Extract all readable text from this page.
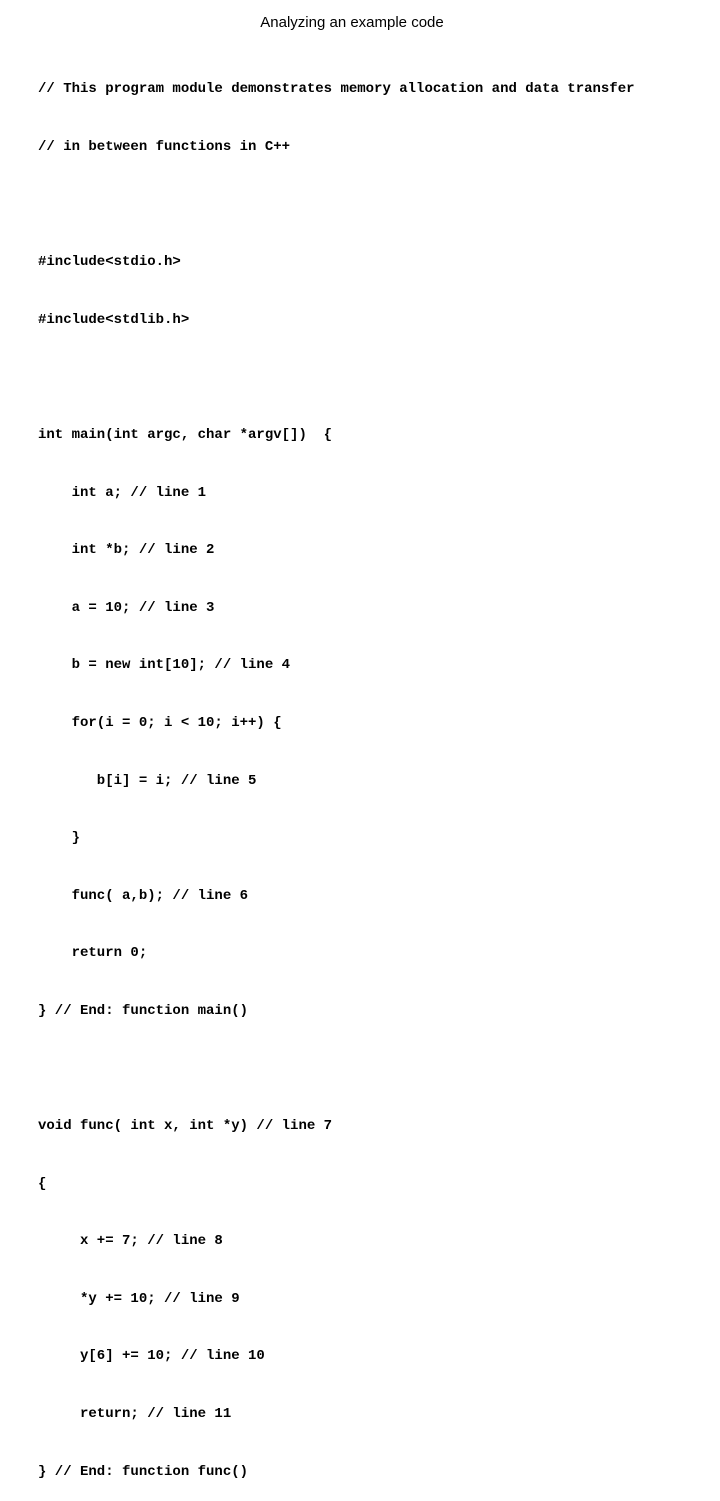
Analyzing an example code

// This program module demonstrates memory allocation and data transfer

// in between functions in C++

#include<stdio.h>

#include<stdlib.h>

int main(int argc, char *argv[])  {

int a; // line 1

int *b; // line 2

a = 10; // line 3

b = new int[10]; // line 4

for(i = 0; i < 10; i++) {

b[i] = i; // line 5

}

func( a,b); // line 6

return 0;

} // End: function main()

void func( int x, int *y) // line 7

{

x += 7; // line 8

*y += 10; // line 9

y[6] += 10; // line 10

return; // line 11

} // End: function func()
